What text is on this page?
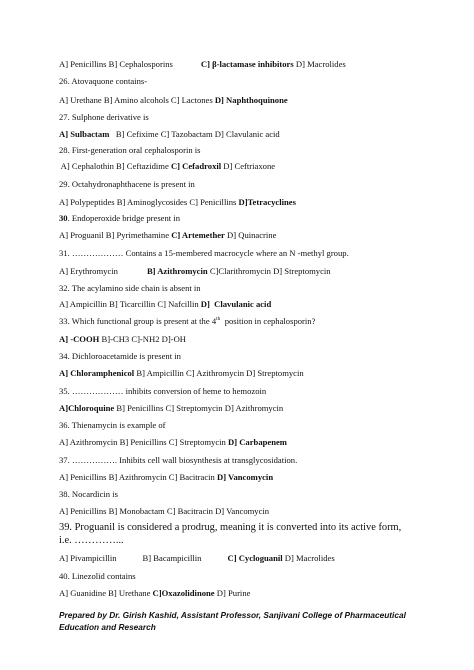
A] Penicillins B] Cephalosporins	C] β-lactamase inhibitors D] Macrolides
26. Atovaquone contains-
A] Urethane B] Amino alcohols C] Lactones D] Naphthoquinone
27. Sulphone derivative is
A] Sulbactam   B] Cefixime C] Tazobactam D] Clavulanic acid
28. First-generation oral cephalosporin is
A] Cephalothin B] Ceftazidime C] Cefadroxil D] Ceftriaxone
29. Octahydronaphthacene is present in
A] Polypeptides B] Aminoglycosides C] Penicillins D]Tetracyclines
30. Endoperoxide bridge present in
A] Proguanil B] Pyrimethamine C] Artemether D] Quinacrine
31. ……………… Contains a 15-membered macrocycle where an N -methyl group.
A] Erythromycin	B] Azithromycin C]Clarithromycin D] Streptomycin
32. The acylamino side chain is absent in
A] Ampicillin B] Ticarcillin C] Nafcillin D]  Clavulanic acid
33. Which functional group is present at the 4th  position in cephalosporin?
A] -COOH B]-CH3 C]-NH2 D]-OH
34. Dichloroacetamide is present in
A] Chloramphenicol B] Ampicillin C] Azithromycin D] Streptomycin
35. ……………… inhibits conversion of heme to hemozoin
A]Chloroquine B] Penicillins C] Streptomycin D] Azithromycin
36. Thienamycin is example of
A] Azithromycin B] Penicillins C] Streptomycin D] Carbapenem
37. ……………. Inhibits cell wall biosynthesis at transglycosidation.
A] Penicillins B] Azithromycin C] Bacitracin D] Vancomycin
38. Nocardicin is
A] Penicillins B] Monobactam C] Bacitracin D] Vancomycin
39. Proguanil is considered a prodrug, meaning it is converted into its active form,
i.e. …………...
A] Pivampicillin	B] Bacampicillin	C] Cycloguanil D] Macrolides
40. Linezolid contains
A] Guanidine B] Urethane C]Oxazolidinone D] Purine
Prepared by Dr. Girish Kashid, Assistant Professor, Sanjivani College of Pharmaceutical Education and Research
